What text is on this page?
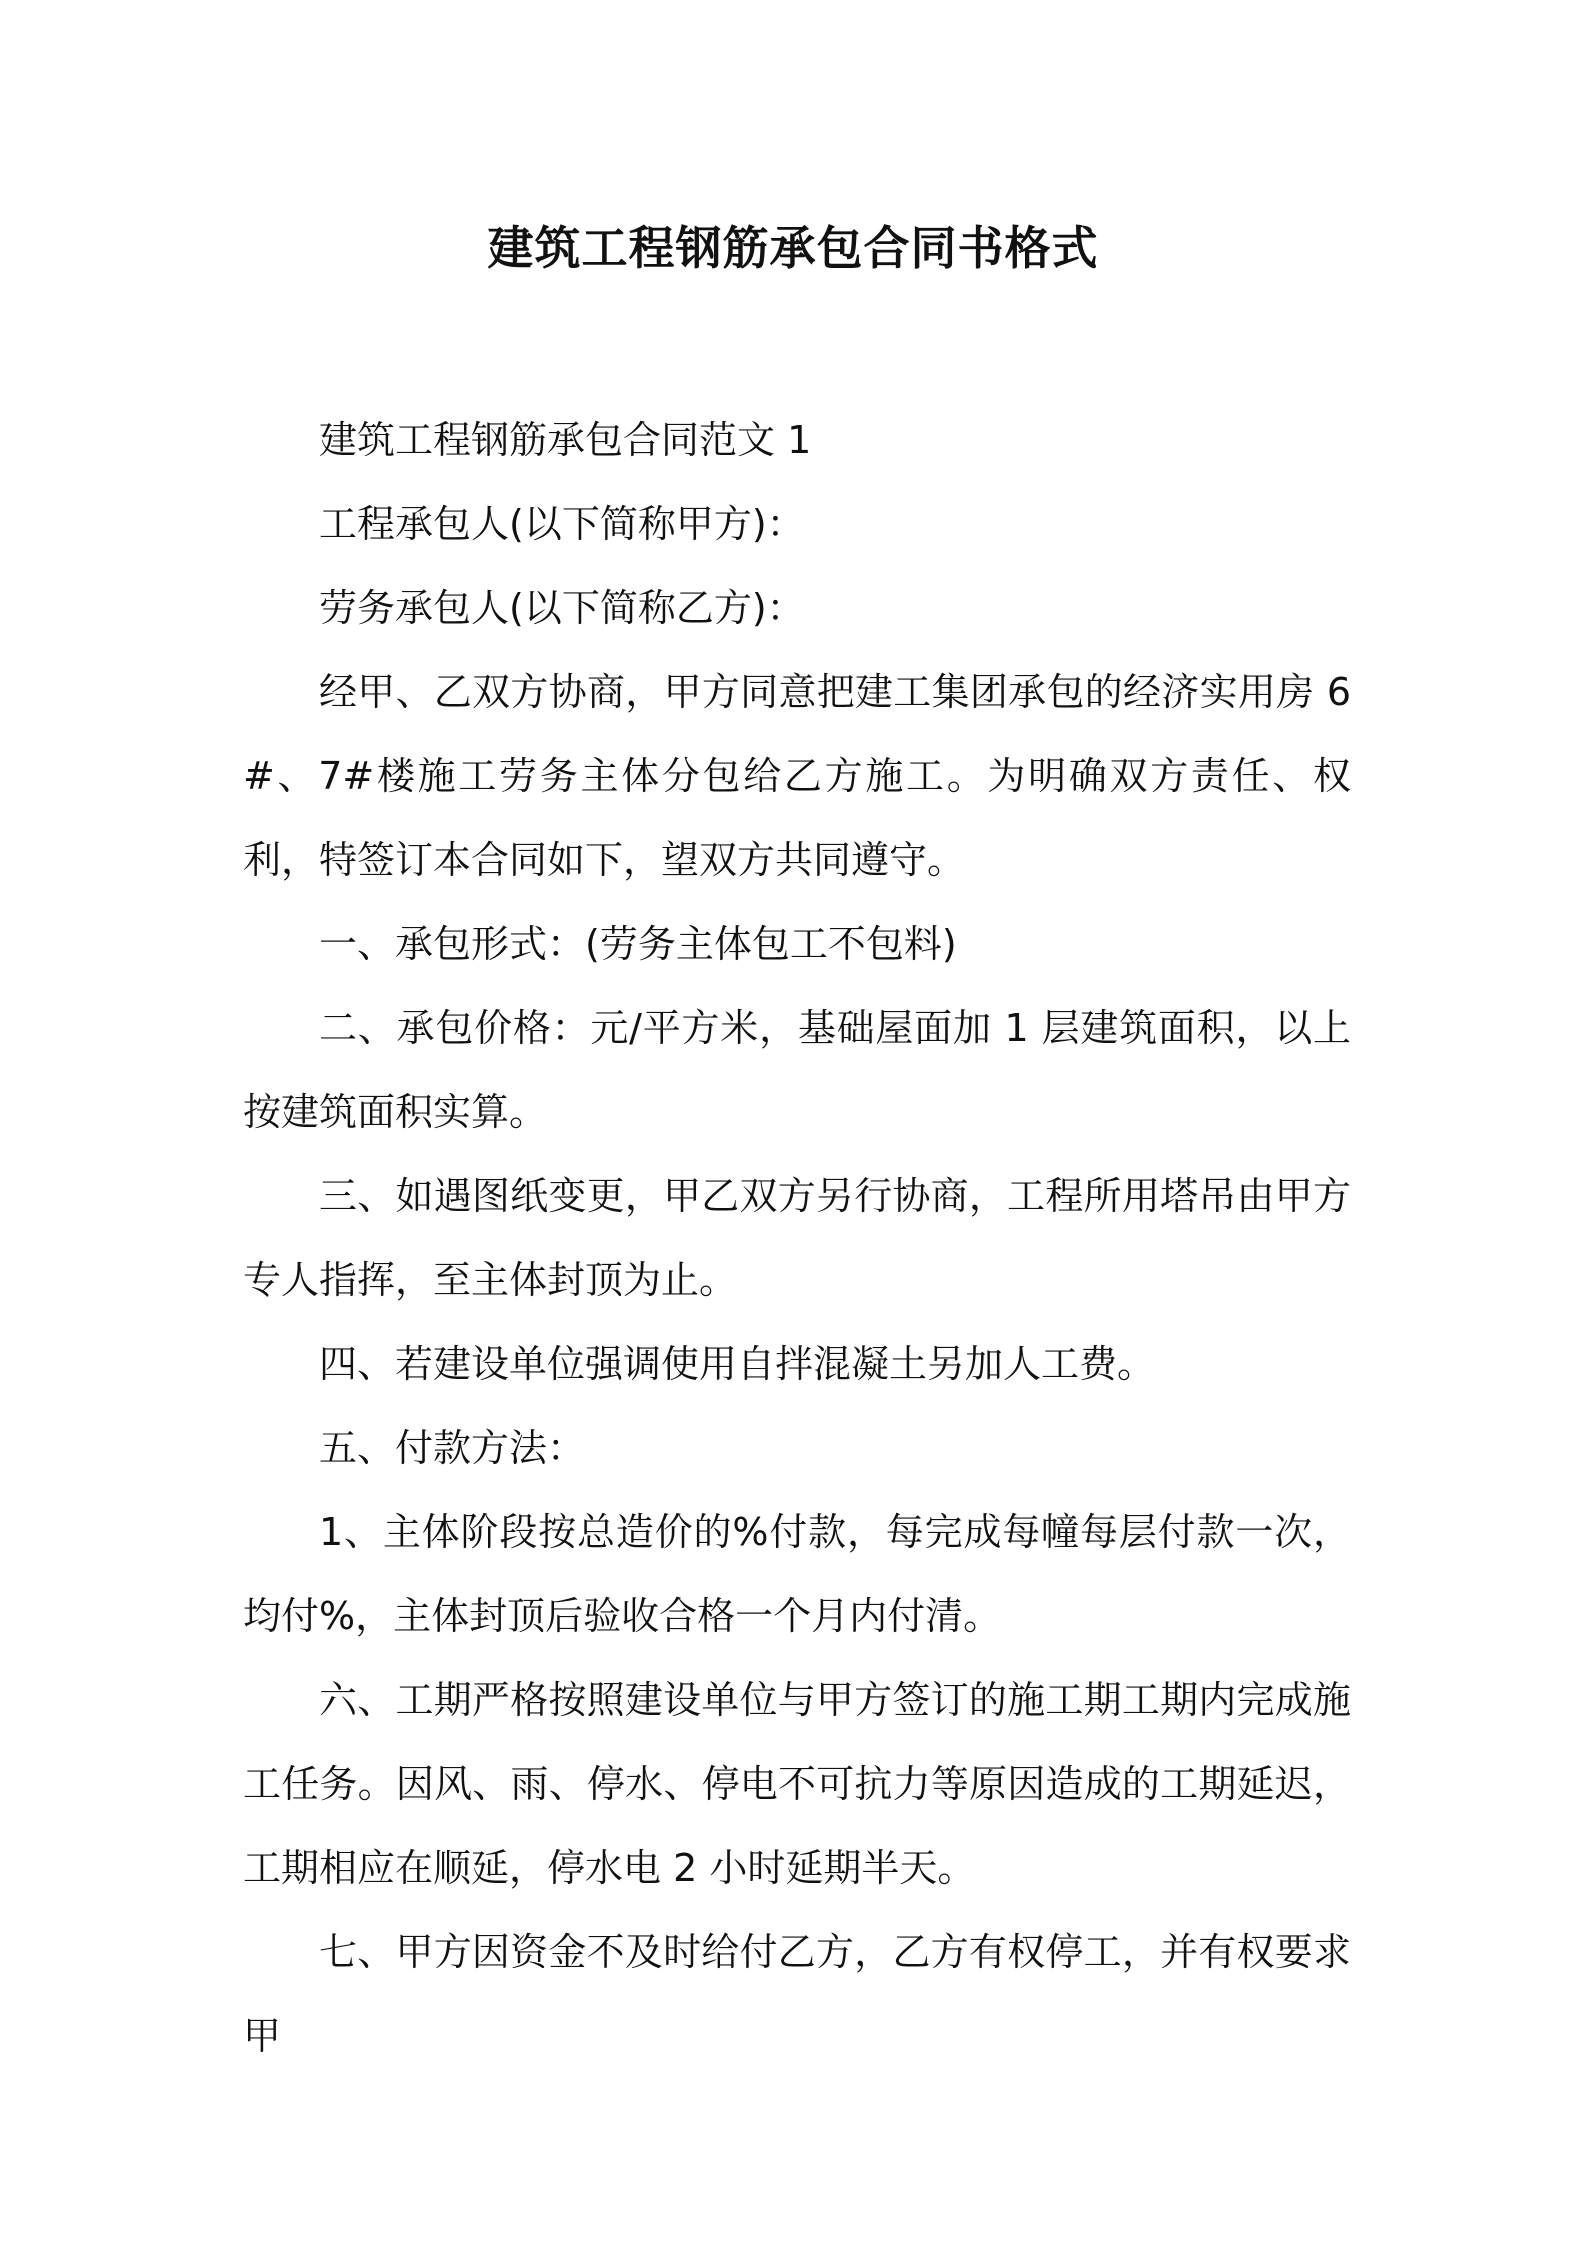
建筑工程钢筋承包合同书格式

建筑工程钢筋承包合同范文 1

工程承包人(以下简称甲方)：

劳务承包人(以下简称乙方)：

经甲、乙双方协商，甲方同意把建工集团承包的经济实用房 6#、7#楼施工劳务主体分包给乙方施工。为明确双方责任、权利，特签订本合同如下，望双方共同遵守。

一、承包形式：(劳务主体包工不包料)

二、承包价格：元/平方米，基础屋面加 1 层建筑面积，以上按建筑面积实算。

三、如遇图纸变更，甲乙双方另行协商，工程所用塔吊由甲方专人指挥，至主体封顶为止。

四、若建设单位强调使用自拌混凝土另加人工费。

五、付款方法：

1、主体阶段按总造价的%付款，每完成每幢每层付款一次，均付%，主体封顶后验收合格一个月内付清。

六、工期严格按照建设单位与甲方签订的施工期工期内完成施工任务。因风、雨、停水、停电不可抗力等原因造成的工期延迟，工期相应在顺延，停水电 2 小时延期半天。

七、甲方因资金不及时给付乙方，乙方有权停工，并有权要求甲
